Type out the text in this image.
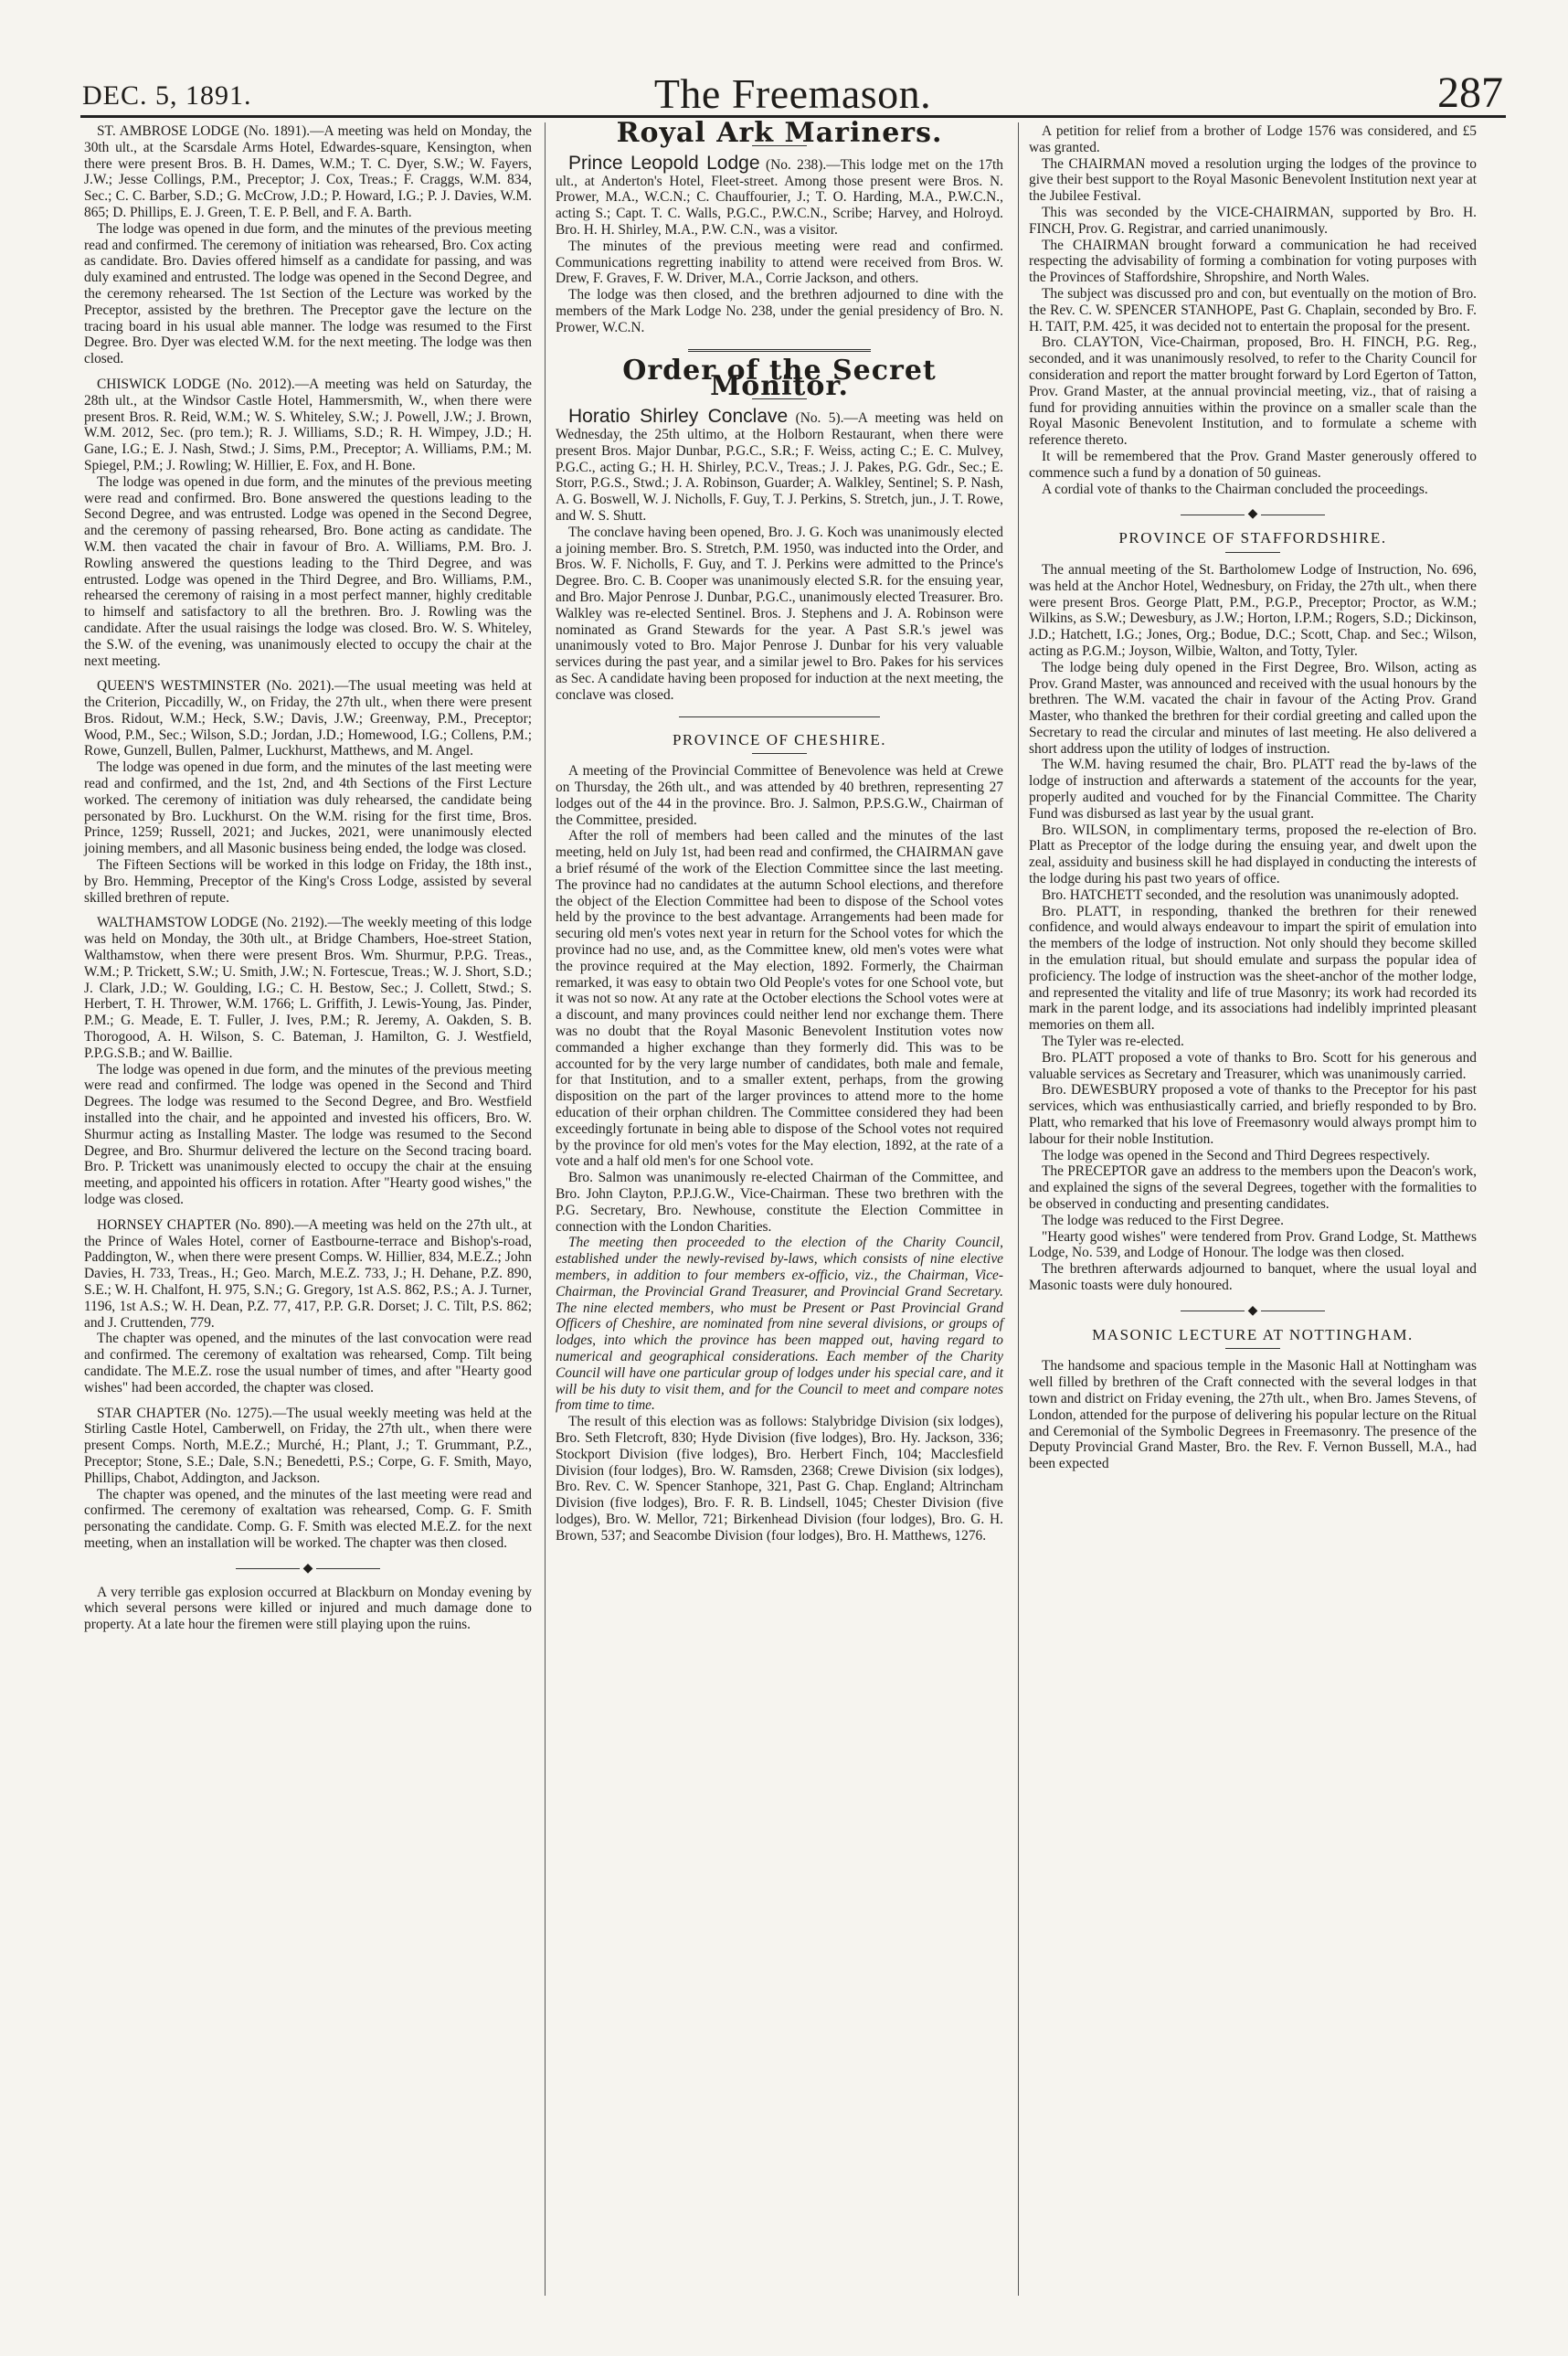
DEC. 5, 1891.	The Freemason.	287

ST. AMBROSE LODGE (No. 1891).—A meeting was held on Monday, the 30th ult., at the Scarsdale Arms Hotel, Edwardes-square, Kensington, when there were present Bros. B. H. Dames, W.M.; T. C. Dyer, S.W.; W. Fayers, J.W.; Jesse Collings, P.M., Preceptor; J. Cox, Treas.; F. Craggs, W.M. 834, Sec.; C. C. Barber, S.D.; G. McCrow, J.D.; P. Howard, I.G.; P. J. Davies, W.M. 865; D. Phillips, E. J. Green, T. E. P. Bell, and F. A. Barth.

The lodge was opened in due form, and the minutes of the previous meeting read and confirmed. The ceremony of initiation was rehearsed, Bro. Cox acting as candidate. Bro. Davies offered himself as a candidate for passing, and was duly examined and entrusted. The lodge was opened in the Second Degree, and the ceremony rehearsed. The 1st Section of the Lecture was worked by the Preceptor, assisted by the brethren. The Preceptor gave the lecture on the tracing board in his usual able manner. The lodge was resumed to the First Degree. Bro. Dyer was elected W.M. for the next meeting. The lodge was then closed.

CHISWICK LODGE (No. 2012).—A meeting was held on Saturday, the 28th ult., at the Windsor Castle Hotel, Hammersmith, W., when there were present Bros. R. Reid, W.M.; W. S. Whiteley, S.W.; J. Powell, J.W.; J. Brown, W.M. 2012, Sec. (pro tem.); R. J. Williams, S.D.; R. H. Wimpey, J.D.; H. Gane, I.G.; E. J. Nash, Stwd.; J. Sims, P.M., Preceptor; A. Williams, P.M.; M. Spiegel, P.M.; J. Rowling; W. Hillier, E. Fox, and H. Bone.

The lodge was opened in due form, and the minutes of the previous meeting were read and confirmed. Bro. Bone answered the questions leading to the Second Degree, and was entrusted. Lodge was opened in the Second Degree, and the ceremony of passing rehearsed, Bro. Bone acting as candidate. The W.M. then vacated the chair in favour of Bro. A. Williams, P.M. Bro. J. Rowling answered the questions leading to the Third Degree, and was entrusted. Lodge was opened in the Third Degree, and Bro. Williams, P.M., rehearsed the ceremony of raising in a most perfect manner, highly creditable to himself and satisfactory to all the brethren. Bro. J. Rowling was the candidate. After the usual raisings the lodge was closed. Bro. W. S. Whiteley, the S.W. of the evening, was unanimously elected to occupy the chair at the next meeting.

QUEEN'S WESTMINSTER (No. 2021).—The usual meeting was held at the Criterion, Piccadilly, W., on Friday, the 27th ult., when there were present Bros. Ridout, W.M.; Heck, S.W.; Davis, J.W.; Greenway, P.M., Preceptor; Wood, P.M., Sec.; Wilson, S.D.; Jordan, J.D.; Homewood, I.G.; Collens, P.M.; Rowe, Gunzell, Bullen, Palmer, Luckhurst, Matthews, and M. Angel.

The lodge was opened in due form, and the minutes of the last meeting were read and confirmed, and the 1st, 2nd, and 4th Sections of the First Lecture worked. The ceremony of initiation was duly rehearsed, the candidate being personated by Bro. Luckhurst. On the W.M. rising for the first time, Bros. Prince, 1259; Russell, 2021; and Juckes, 2021, were unanimously elected joining members, and all Masonic business being ended, the lodge was closed.

The Fifteen Sections will be worked in this lodge on Friday, the 18th inst., by Bro. Hemming, Preceptor of the King's Cross Lodge, assisted by several skilled brethren of repute.

WALTHAMSTOW LODGE (No. 2192).—The weekly meeting of this lodge was held on Monday, the 30th ult., at Bridge Chambers, Hoe-street Station, Walthamstow, when there were present Bros. Wm. Shurmur, P.P.G. Treas., W.M.; P. Trickett, S.W.; U. Smith, J.W.; N. Fortescue, Treas.; W. J. Short, S.D.; J. Clark, J.D.; W. Goulding, I.G.; C. H. Bestow, Sec.; J. Collett, Stwd.; S. Herbert, T. H. Thrower, W.M. 1766; L. Griffith, J. Lewis-Young, Jas. Pinder, P.M.; G. Meade, E. T. Fuller, J. Ives, P.M.; R. Jeremy, A. Oakden, S. B. Thorogood, A. H. Wilson, S. C. Bateman, J. Hamilton, G. J. Westfield, P.P.G.S.B.; and W. Baillie.

The lodge was opened in due form, and the minutes of the previous meeting were read and confirmed. The lodge was opened in the Second and Third Degrees. The lodge was resumed to the Second Degree, and Bro. Westfield installed into the chair, and he appointed and invested his officers, Bro. W. Shurmur acting as Installing Master. The lodge was resumed to the Second Degree, and Bro. Shurmur delivered the lecture on the Second tracing board. Bro. P. Trickett was unanimously elected to occupy the chair at the ensuing meeting, and appointed his officers in rotation. After "Hearty good wishes," the lodge was closed.

HORNSEY CHAPTER (No. 890).—A meeting was held on the 27th ult., at the Prince of Wales Hotel, corner of Eastbourne-terrace and Bishop's-road, Paddington, W., when there were present Comps. W. Hillier, 834, M.E.Z.; John Davies, H. 733, Treas., H.; Geo. March, M.E.Z. 733, J.; H. Dehane, P.Z. 890, S.E.; W. H. Chalfont, H. 975, S.N.; G. Gregory, 1st A.S. 862, P.S.; A. J. Turner, 1196, 1st A.S.; W. H. Dean, P.Z. 77, 417, P.P. G.R. Dorset; J. C. Tilt, P.S. 862; and J. Cruttenden, 779.

The chapter was opened, and the minutes of the last convocation were read and confirmed. The ceremony of exaltation was rehearsed, Comp. Tilt being candidate. The M.E.Z. rose the usual number of times, and after "Hearty good wishes" had been accorded, the chapter was closed.

STAR CHAPTER (No. 1275).—The usual weekly meeting was held at the Stirling Castle Hotel, Camberwell, on Friday, the 27th ult., when there were present Comps. North, M.E.Z.; Murché, H.; Plant, J.; T. Grummant, P.Z., Preceptor; Stone, S.E.; Dale, S.N.; Benedetti, P.S.; Corpe, G. F. Smith, Mayo, Phillips, Chabot, Addington, and Jackson.

The chapter was opened, and the minutes of the last meeting were read and confirmed. The ceremony of exaltation was rehearsed, Comp. G. F. Smith personating the candidate. Comp. G. F. Smith was elected M.E.Z. for the next meeting, when an installation will be worked. The chapter was then closed.

◆

A very terrible gas explosion occurred at Blackburn on Monday evening by which several persons were killed or injured and much damage done to property. At a late hour the firemen were still playing upon the ruins.

Royal Ark Mariners.

Prince Leopold Lodge (No. 238).—This lodge met on the 17th ult., at Anderton's Hotel, Fleet-street. Among those present were Bros. N. Prower, M.A., W.C.N.; C. Chauffourier, J.; T. O. Harding, M.A., P.W.C.N., acting S.; Capt. T. C. Walls, P.G.C., P.W.C.N., Scribe; Harvey, and Holroyd. Bro. H. H. Shirley, M.A., P.W. C.N., was a visitor.

The minutes of the previous meeting were read and confirmed. Communications regretting inability to attend were received from Bros. W. Drew, F. Graves, F. W. Driver, M.A., Corrie Jackson, and others.

The lodge was then closed, and the brethren adjourned to dine with the members of the Mark Lodge No. 238, under the genial presidency of Bro. N. Prower, W.C.N.

Order of the Secret Monitor.

Horatio Shirley Conclave (No. 5).—A meeting was held on Wednesday, the 25th ultimo, at the Holborn Restaurant, when there were present Bros. Major Dunbar, P.G.C., S.R.; F. Weiss, acting C.; E. C. Mulvey, P.G.C., acting G.; H. H. Shirley, P.C.V., Treas.; J. J. Pakes, P.G. Gdr., Sec.; E. Storr, P.G.S., Stwd.; J. A. Robinson, Guarder; A. Walkley, Sentinel; S. P. Nash, A. G. Boswell, W. J. Nicholls, F. Guy, T. J. Perkins, S. Stretch, jun., J. T. Rowe, and W. S. Shutt.

The conclave having been opened, Bro. J. G. Koch was unanimously elected a joining member. Bro. S. Stretch, P.M. 1950, was inducted into the Order, and Bros. W. F. Nicholls, F. Guy, and T. J. Perkins were admitted to the Prince's Degree. Bro. C. B. Cooper was unanimously elected S.R. for the ensuing year, and Bro. Major Penrose J. Dunbar, P.G.C., unanimously elected Treasurer. Bro. Walkley was re-elected Sentinel. Bros. J. Stephens and J. A. Robinson were nominated as Grand Stewards for the year. A Past S.R.'s jewel was unanimously voted to Bro. Major Penrose J. Dunbar for his very valuable services during the past year, and a similar jewel to Bro. Pakes for his services as Sec. A candidate having been proposed for induction at the next meeting, the conclave was closed.

PROVINCE OF CHESHIRE.

A meeting of the Provincial Committee of Benevolence was held at Crewe on Thursday, the 26th ult., and was attended by 40 brethren, representing 27 lodges out of the 44 in the province. Bro. J. Salmon, P.P.S.G.W., Chairman of the Committee, presided.

After the roll of members had been called and the minutes of the last meeting, held on July 1st, had been read and confirmed, the CHAIRMAN gave a brief résumé of the work of the Election Committee since the last meeting. The province had no candidates at the autumn School elections, and therefore the object of the Election Committee had been to dispose of the School votes held by the province to the best advantage. Arrangements had been made for securing old men's votes next year in return for the School votes for which the province had no use, and, as the Committee knew, old men's votes were what the province required at the May election, 1892. Formerly, the Chairman remarked, it was easy to obtain two Old People's votes for one School vote, but it was not so now. At any rate at the October elections the School votes were at a discount, and many provinces could neither lend nor exchange them. There was no doubt that the Royal Masonic Benevolent Institution votes now commanded a higher exchange than they formerly did. This was to be accounted for by the very large number of candidates, both male and female, for that Institution, and to a smaller extent, perhaps, from the growing disposition on the part of the larger provinces to attend more to the home education of their orphan children. The Committee considered they had been exceedingly fortunate in being able to dispose of the School votes not required by the province for old men's votes for the May election, 1892, at the rate of a vote and a half old men's for one School vote.

Bro. Salmon was unanimously re-elected Chairman of the Committee, and Bro. John Clayton, P.P.J.G.W., Vice-Chairman. These two brethren with the P.G. Secretary, Bro. Newhouse, constitute the Election Committee in connection with the London Charities.

The meeting then proceeded to the election of the Charity Council, established under the newly-revised by-laws, which consists of nine elective members, in addition to four members ex-officio, viz., the Chairman, Vice-Chairman, the Provincial Grand Treasurer, and Provincial Grand Secretary. The nine elected members, who must be Present or Past Provincial Grand Officers of Cheshire, are nominated from nine several divisions, or groups of lodges, into which the province has been mapped out, having regard to numerical and geographical considerations. Each member of the Charity Council will have one particular group of lodges under his special care, and it will be his duty to visit them, and for the Council to meet and compare notes from time to time.

The result of this election was as follows: Stalybridge Division (six lodges), Bro. Seth Fletcroft, 830; Hyde Division (five lodges), Bro. Hy. Jackson, 336; Stockport Division (five lodges), Bro. Herbert Finch, 104; Macclesfield Division (four lodges), Bro. W. Ramsden, 2368; Crewe Division (six lodges), Bro. Rev. C. W. Spencer Stanhope, 321, Past G. Chap. England; Altrincham Division (five lodges), Bro. F. R. B. Lindsell, 1045; Chester Division (five lodges), Bro. W. Mellor, 721; Birkenhead Division (four lodges), Bro. G. H. Brown, 537; and Seacombe Division (four lodges), Bro. H. Matthews, 1276.

A petition for relief from a brother of Lodge 1576 was considered, and £5 was granted.

The CHAIRMAN moved a resolution urging the lodges of the province to give their best support to the Royal Masonic Benevolent Institution next year at the Jubilee Festival.

This was seconded by the VICE-CHAIRMAN, supported by Bro. H. FINCH, Prov. G. Registrar, and carried unanimously.

The CHAIRMAN brought forward a communication he had received respecting the advisability of forming a combination for voting purposes with the Provinces of Staffordshire, Shropshire, and North Wales.

The subject was discussed pro and con, but eventually on the motion of Bro. the Rev. C. W. SPENCER STANHOPE, Past G. Chaplain, seconded by Bro. F. H. TAIT, P.M. 425, it was decided not to entertain the proposal for the present.

Bro. CLAYTON, Vice-Chairman, proposed, Bro. H. FINCH, P.G. Reg., seconded, and it was unanimously resolved, to refer to the Charity Council for consideration and report the matter brought forward by Lord Egerton of Tatton, Prov. Grand Master, at the annual provincial meeting, viz., that of raising a fund for providing annuities within the province on a smaller scale than the Royal Masonic Benevolent Institution, and to formulate a scheme with reference thereto.

It will be remembered that the Prov. Grand Master generously offered to commence such a fund by a donation of 50 guineas.

A cordial vote of thanks to the Chairman concluded the proceedings.

◆
PROVINCE OF STAFFORDSHIRE.

The annual meeting of the St. Bartholomew Lodge of Instruction, No. 696, was held at the Anchor Hotel, Wednesbury, on Friday, the 27th ult., when there were present Bros. George Platt, P.M., P.G.P., Preceptor; Proctor, as W.M.; Wilkins, as S.W.; Dewesbury, as J.W.; Horton, I.P.M.; Rogers, S.D.; Dickinson, J.D.; Hatchett, I.G.; Jones, Org.; Bodue, D.C.; Scott, Chap. and Sec.; Wilson, acting as P.G.M.; Joyson, Wilbie, Walton, and Totty, Tyler.

The lodge being duly opened in the First Degree, Bro. Wilson, acting as Prov. Grand Master, was announced and received with the usual honours by the brethren. The W.M. vacated the chair in favour of the Acting Prov. Grand Master, who thanked the brethren for their cordial greeting and called upon the Secretary to read the circular and minutes of last meeting. He also delivered a short address upon the utility of lodges of instruction.

The W.M. having resumed the chair, Bro. PLATT read the by-laws of the lodge of instruction and afterwards a statement of the accounts for the year, properly audited and vouched for by the Financial Committee. The Charity Fund was disbursed as last year by the usual grant.

Bro. WILSON, in complimentary terms, proposed the re-election of Bro. Platt as Preceptor of the lodge during the ensuing year, and dwelt upon the zeal, assiduity and business skill he had displayed in conducting the interests of the lodge during his past two years of office.

Bro. HATCHETT seconded, and the resolution was unanimously adopted.

Bro. PLATT, in responding, thanked the brethren for their renewed confidence, and would always endeavour to impart the spirit of emulation into the members of the lodge of instruction. Not only should they become skilled in the emulation ritual, but should emulate and surpass the popular idea of proficiency. The lodge of instruction was the sheet-anchor of the mother lodge, and represented the vitality and life of true Masonry; its work had recorded its mark in the parent lodge, and its associations had indelibly imprinted pleasant memories on them all.

The Tyler was re-elected.

Bro. PLATT proposed a vote of thanks to Bro. Scott for his generous and valuable services as Secretary and Treasurer, which was unanimously carried.

Bro. DEWESBURY proposed a vote of thanks to the Preceptor for his past services, which was enthusiastically carried, and briefly responded to by Bro. Platt, who remarked that his love of Freemasonry would always prompt him to labour for their noble Institution.

The lodge was opened in the Second and Third Degrees respectively.

The PRECEPTOR gave an address to the members upon the Deacon's work, and explained the signs of the several Degrees, together with the formalities to be observed in conducting and presenting candidates.

The lodge was reduced to the First Degree.

"Hearty good wishes" were tendered from Prov. Grand Lodge, St. Matthews Lodge, No. 539, and Lodge of Honour. The lodge was then closed.

The brethren afterwards adjourned to banquet, where the usual loyal and Masonic toasts were duly honoured.

◆
MASONIC LECTURE AT NOTTINGHAM.

The handsome and spacious temple in the Masonic Hall at Nottingham was well filled by brethren of the Craft connected with the several lodges in that town and district on Friday evening, the 27th ult., when Bro. James Stevens, of London, attended for the purpose of delivering his popular lecture on the Ritual and Ceremonial of the Symbolic Degrees in Freemasonry. The presence of the Deputy Provincial Grand Master, Bro. the Rev. F. Vernon Bussell, M.A., had been expected
